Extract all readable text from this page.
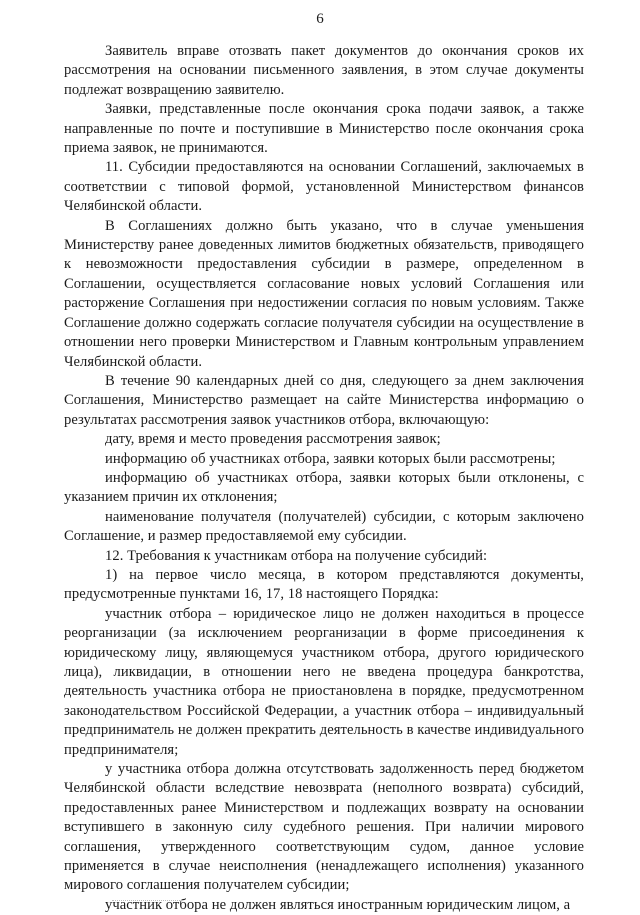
6

Заявитель вправе отозвать пакет документов до окончания сроков их рассмотрения на основании письменного заявления, в этом случае документы подлежат возвращению заявителю.

Заявки, представленные после окончания срока подачи заявок, а также направленные по почте и поступившие в Министерство после окончания срока приема заявок, не принимаются.

11. Субсидии предоставляются на основании Соглашений, заключаемых в соответствии с типовой формой, установленной Министерством финансов Челябинской области.

В Соглашениях должно быть указано, что в случае уменьшения Министерству ранее доведенных лимитов бюджетных обязательств, приводящего к невозможности предоставления субсидии в размере, определенном в Соглашении, осуществляется согласование новых условий Соглашения или расторжение Соглашения при недостижении согласия по новым условиям. Также Соглашение должно содержать согласие получателя субсидии на осуществление в отношении него проверки Министерством и Главным контрольным управлением Челябинской области.

В течение 90 календарных дней со дня, следующего за днем заключения Соглашения, Министерство размещает на сайте Министерства информацию о результатах рассмотрения заявок участников отбора, включающую:

дату, время и место проведения рассмотрения заявок;

информацию об участниках отбора, заявки которых были рассмотрены;

информацию об участниках отбора, заявки которых были отклонены, с указанием причин их отклонения;

наименование получателя (получателей) субсидии, с которым заключено Соглашение, и размер предоставляемой ему субсидии.

12. Требования к участникам отбора на получение субсидий:

1) на первое число месяца, в котором представляются документы, предусмотренные пунктами 16, 17, 18 настоящего Порядка:

участник отбора – юридическое лицо не должен находиться в процессе реорганизации (за исключением реорганизации в форме присоединения к юридическому лицу, являющемуся участником отбора, другого юридического лица), ликвидации, в отношении него не введена процедура банкротства, деятельность участника отбора не приостановлена в порядке, предусмотренном законодательством Российской Федерации, а участник отбора – индивидуальный предприниматель не должен прекратить деятельность в качестве индивидуального предпринимателя;

у участника отбора должна отсутствовать задолженность перед бюджетом Челябинской области вследствие невозврата (неполного возврата) субсидий, предоставленных ранее Министерством и подлежащих возврату на основании вступившего в законную силу судебного решения. При наличии мирового соглашения, утвержденного соответствующим судом, данное условие применяется в случае неисполнения (ненадлежащего исполнения) указанного мирового соглашения получателем субсидии;

участник отбора не должен являться иностранным юридическим лицом, а
